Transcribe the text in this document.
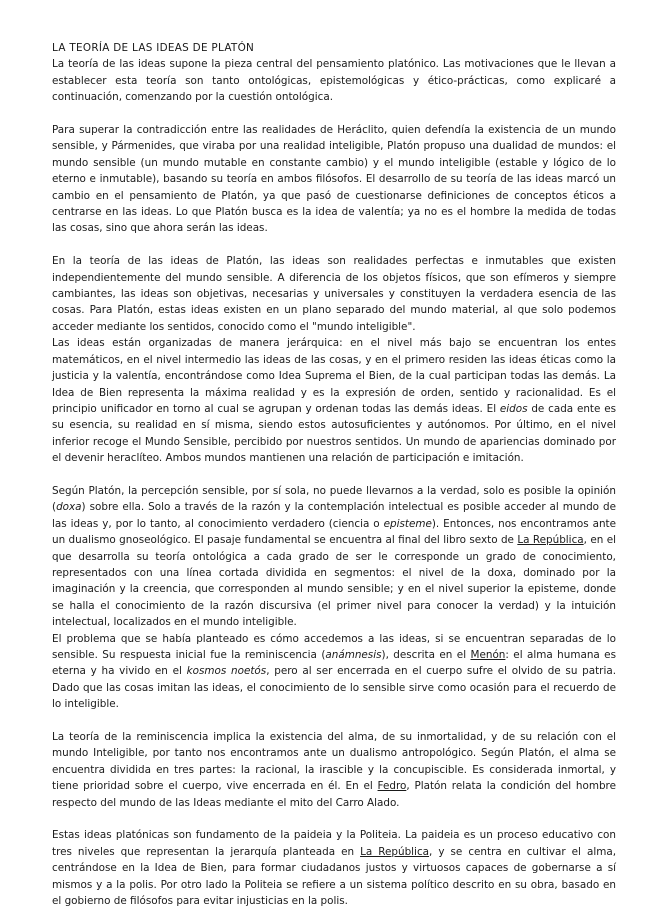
LA TEORÍA DE LAS IDEAS DE PLATÓN

La teoría de las ideas supone la pieza central del pensamiento platónico. Las motivaciones que le llevan a establecer esta teoría son tanto ontológicas, epistemológicas y ético-prácticas, como explicaré a continuación, comenzando por la cuestión ontológica.

Para superar la contradicción entre las realidades de Heráclito, quien defendía la existencia de un mundo sensible, y Pármenides, que viraba por una realidad inteligible, Platón propuso una dualidad de mundos: el mundo sensible (un mundo mutable en constante cambio) y el mundo inteligible (estable y lógico de lo eterno e inmutable), basando su teoría en ambos filósofos. El desarrollo de su teoría de las ideas marcó un cambio en el pensamiento de Platón, ya que pasó de cuestionarse definiciones de conceptos éticos a centrarse en las ideas. Lo que Platón busca es la idea de valentía; ya no es el hombre la medida de todas las cosas, sino que ahora serán las ideas.

En la teoría de las ideas de Platón, las ideas son realidades perfectas e inmutables que existen independientemente del mundo sensible. A diferencia de los objetos físicos, que son efímeros y siempre cambiantes, las ideas son objetivas, necesarias y universales y constituyen la verdadera esencia de las cosas. Para Platón, estas ideas existen en un plano separado del mundo material, al que solo podemos acceder mediante los sentidos, conocido como el "mundo inteligible".

Las ideas están organizadas de manera jerárquica: en el nivel más bajo se encuentran los entes matemáticos, en el nivel intermedio las ideas de las cosas, y en el primero residen las ideas éticas como la justicia y la valentía, encontrándose como Idea Suprema el Bien, de la cual participan todas las demás. La Idea de Bien representa la máxima realidad y es la expresión de orden, sentido y racionalidad. Es el principio unificador en torno al cual se agrupan y ordenan todas las demás ideas. El eidos de cada ente es su esencia, su realidad en sí misma, siendo estos autosuficientes y autónomos. Por último, en el nivel inferior recoge el Mundo Sensible, percibido por nuestros sentidos. Un mundo de apariencias dominado por el devenir heraclíteo. Ambos mundos mantienen una relación de participación e imitación.

Según Platón, la percepción sensible, por sí sola, no puede llevarnos a la verdad, solo es posible la opinión (doxa) sobre ella. Solo a través de la razón y la contemplación intelectual es posible acceder al mundo de las ideas y, por lo tanto, al conocimiento verdadero (ciencia o episteme). Entonces, nos encontramos ante un dualismo gnoseológico. El pasaje fundamental se encuentra al final del libro sexto de La República, en el que desarrolla su teoría ontológica a cada grado de ser le corresponde un grado de conocimiento, representados con una línea cortada dividida en segmentos: el nivel de la doxa, dominado por la imaginación y la creencia, que corresponden al mundo sensible; y en el nivel superior la episteme, donde se halla el conocimiento de la razón discursiva (el primer nivel para conocer la verdad) y la intuición intelectual, localizados en el mundo inteligible.

El problema que se había planteado es cómo accedemos a las ideas, si se encuentran separadas de lo sensible. Su respuesta inicial fue la reminiscencia (anámnesis), descrita en el Menón: el alma humana es eterna y ha vivido en el kosmos noetós, pero al ser encerrada en el cuerpo sufre el olvido de su patria. Dado que las cosas imitan las ideas, el conocimiento de lo sensible sirve como ocasión para el recuerdo de lo inteligible.

La teoría de la reminiscencia implica la existencia del alma, de su inmortalidad, y de su relación con el mundo Inteligible, por tanto nos encontramos ante un dualismo antropológico. Según Platón, el alma se encuentra dividida en tres partes: la racional, la irascible y la concupiscible. Es considerada inmortal, y tiene prioridad sobre el cuerpo, vive encerrada en él. En el Fedro, Platón relata la condición del hombre respecto del mundo de las Ideas mediante el mito del Carro Alado.

Estas ideas platónicas son fundamento de la paideia y la Politeia. La paideia es un proceso educativo con tres niveles que representan la jerarquía planteada en La República, y se centra en cultivar el alma, centrándose en la Idea de Bien, para formar ciudadanos justos y virtuosos capaces de gobernarse a sí mismos y a la polis. Por otro lado la Politeia se refiere a un sistema político descrito en su obra, basado en el gobierno de filósofos para evitar injusticias en la polis.
